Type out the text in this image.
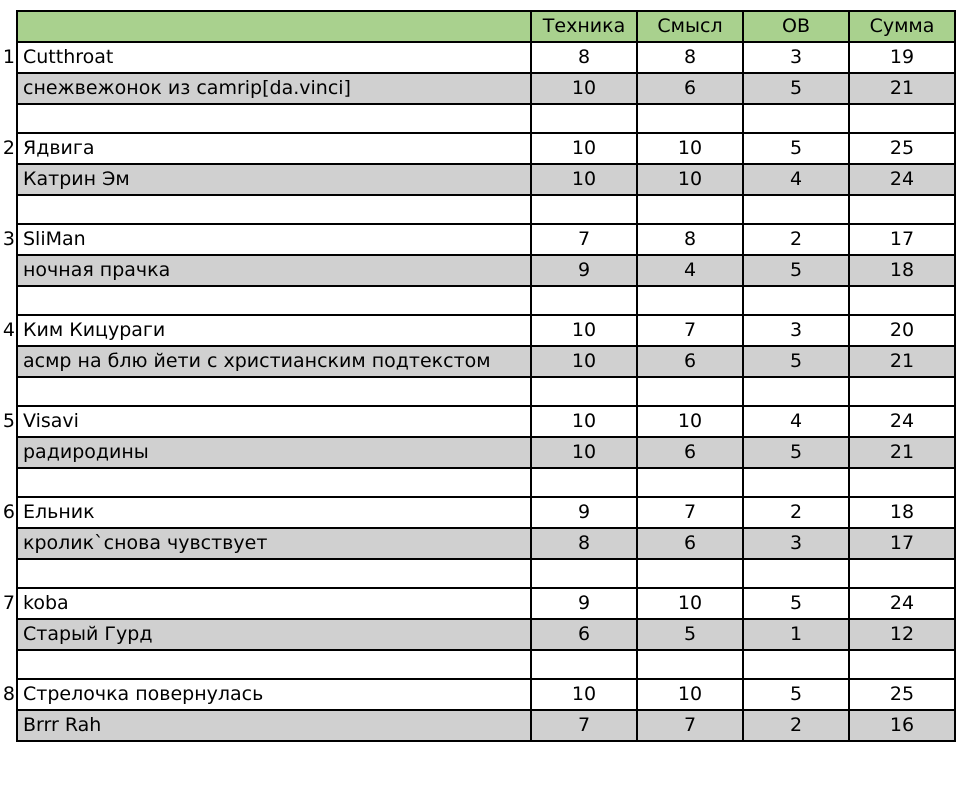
		Техника	Смысл	ОВ	Сумма
1	Cutthroat	8	8	3	19
	снежвежонок из camrip[da.vinci]	10	6	5	21

2	Ядвига	10	10	5	25
	Катрин Эм	10	10	4	24

3	SliMan	7	8	2	17
	ночная прачка	9	4	5	18

4	Ким Кицураги	10	7	3	20
	асмр на блю йети с христианским подтекстом	10	6	5	21

5	Visavi	10	10	4	24
	радиродины	10	6	5	21

6	Ельник	9	7	2	18
	кролик`снова чувствует	8	6	3	17

7	koba	9	10	5	24
	Старый Гурд	6	5	1	12

8	Стрелочка повернулась	10	10	5	25
	Brrr Rah	7	7	2	16
